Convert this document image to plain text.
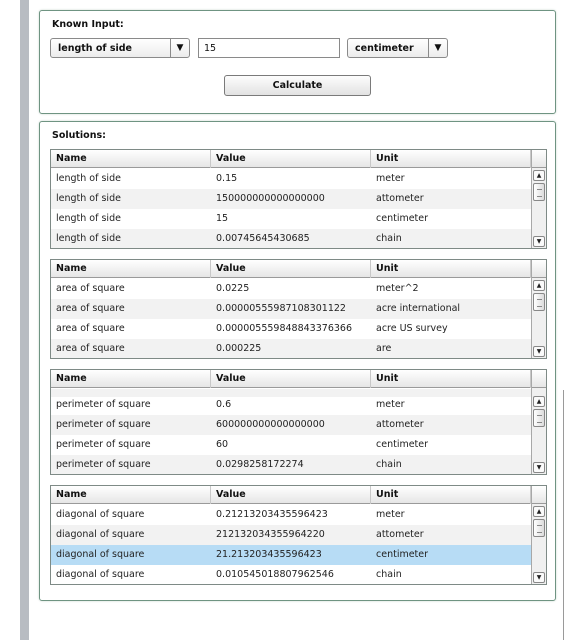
Known Input:
length of side	▼
15	centimeter	▼
Calculate
Solutions:
Name	Value	Unit
length of side	0.15	meter
length of side	150000000000000000	attometer
length of side	15	centimeter
length of side	0.00745645430685	chain
▲
▼
Name	Value	Unit
area of square	0.0225	meter^2
area of square	0.00000555987108301122	acre international
area of square	0.00000555984884337636​6	acre US survey
area of square	0.000225	are
▲
▼
Name	Value	Unit
perimeter of square	0.6	meter
perimeter of square	600000000000000000	attometer
perimeter of square	60	centimeter
perimeter of square	0.0298258172274	chain
▲
▼
Name	Value	Unit
diagonal of square	0.212132034355964​23	meter
diagonal of square	212132034355964220	attometer
diagonal of square	21.213203435596423	centimeter
diagonal of square	0.010545018807962546	chain
▲
▼
